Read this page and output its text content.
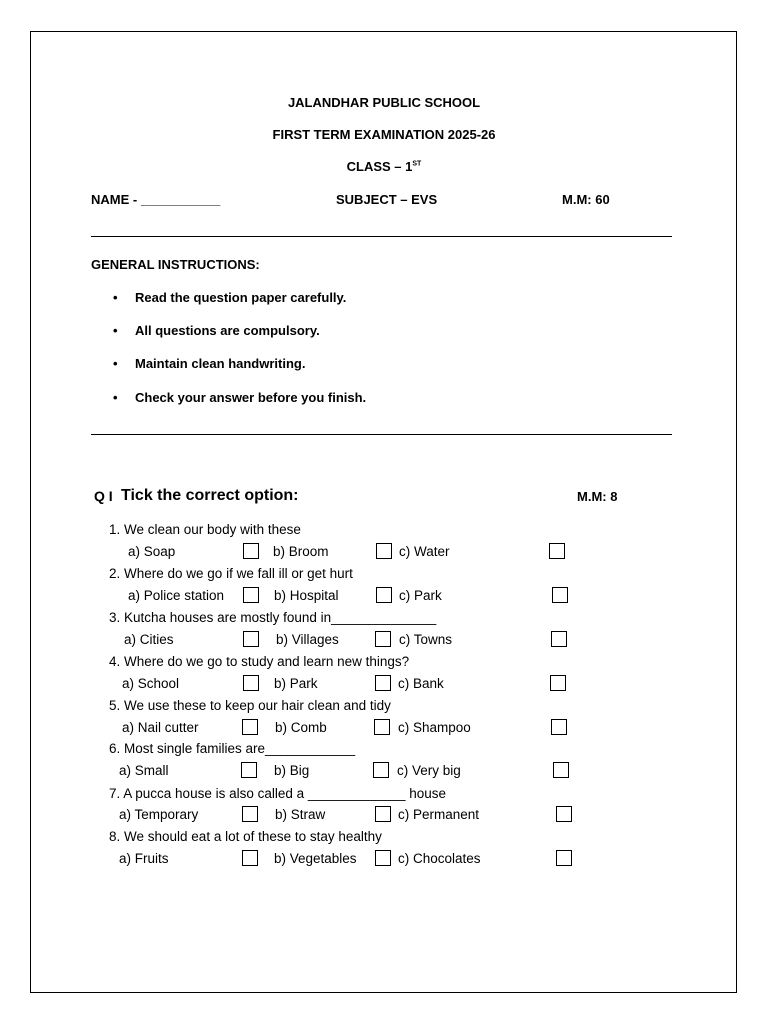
JALANDHAR PUBLIC SCHOOL
FIRST TERM EXAMINATION 2025-26
CLASS – 1ST
NAME - ___________	SUBJECT – EVS	M.M: 60
GENERAL INSTRUCTIONS:
• Read the question paper carefully.
• All questions are compulsory.
• Maintain clean handwriting.
• Check your answer before you finish.
Q I Tick the correct option:	M.M: 8
1. We clean our body with these
a) Soap	b) Broom	c) Water
2. Where do we go if we fall ill or get hurt
a) Police station	b) Hospital	c) Park
3. Kutcha houses are mostly found in______________
a) Cities	b) Villages	c) Towns
4. Where do we go to study and learn new things?
a) School	b) Park	c) Bank
5. We use these to keep our hair clean and tidy
a) Nail cutter	b) Comb	c) Shampoo
6. Most single families are____________
a) Small	b) Big	c) Very big
7. A pucca house is also called a _____________ house
a) Temporary	b) Straw	c) Permanent
8. We should eat a lot of these to stay healthy
a) Fruits	b) Vegetables	c) Chocolates
